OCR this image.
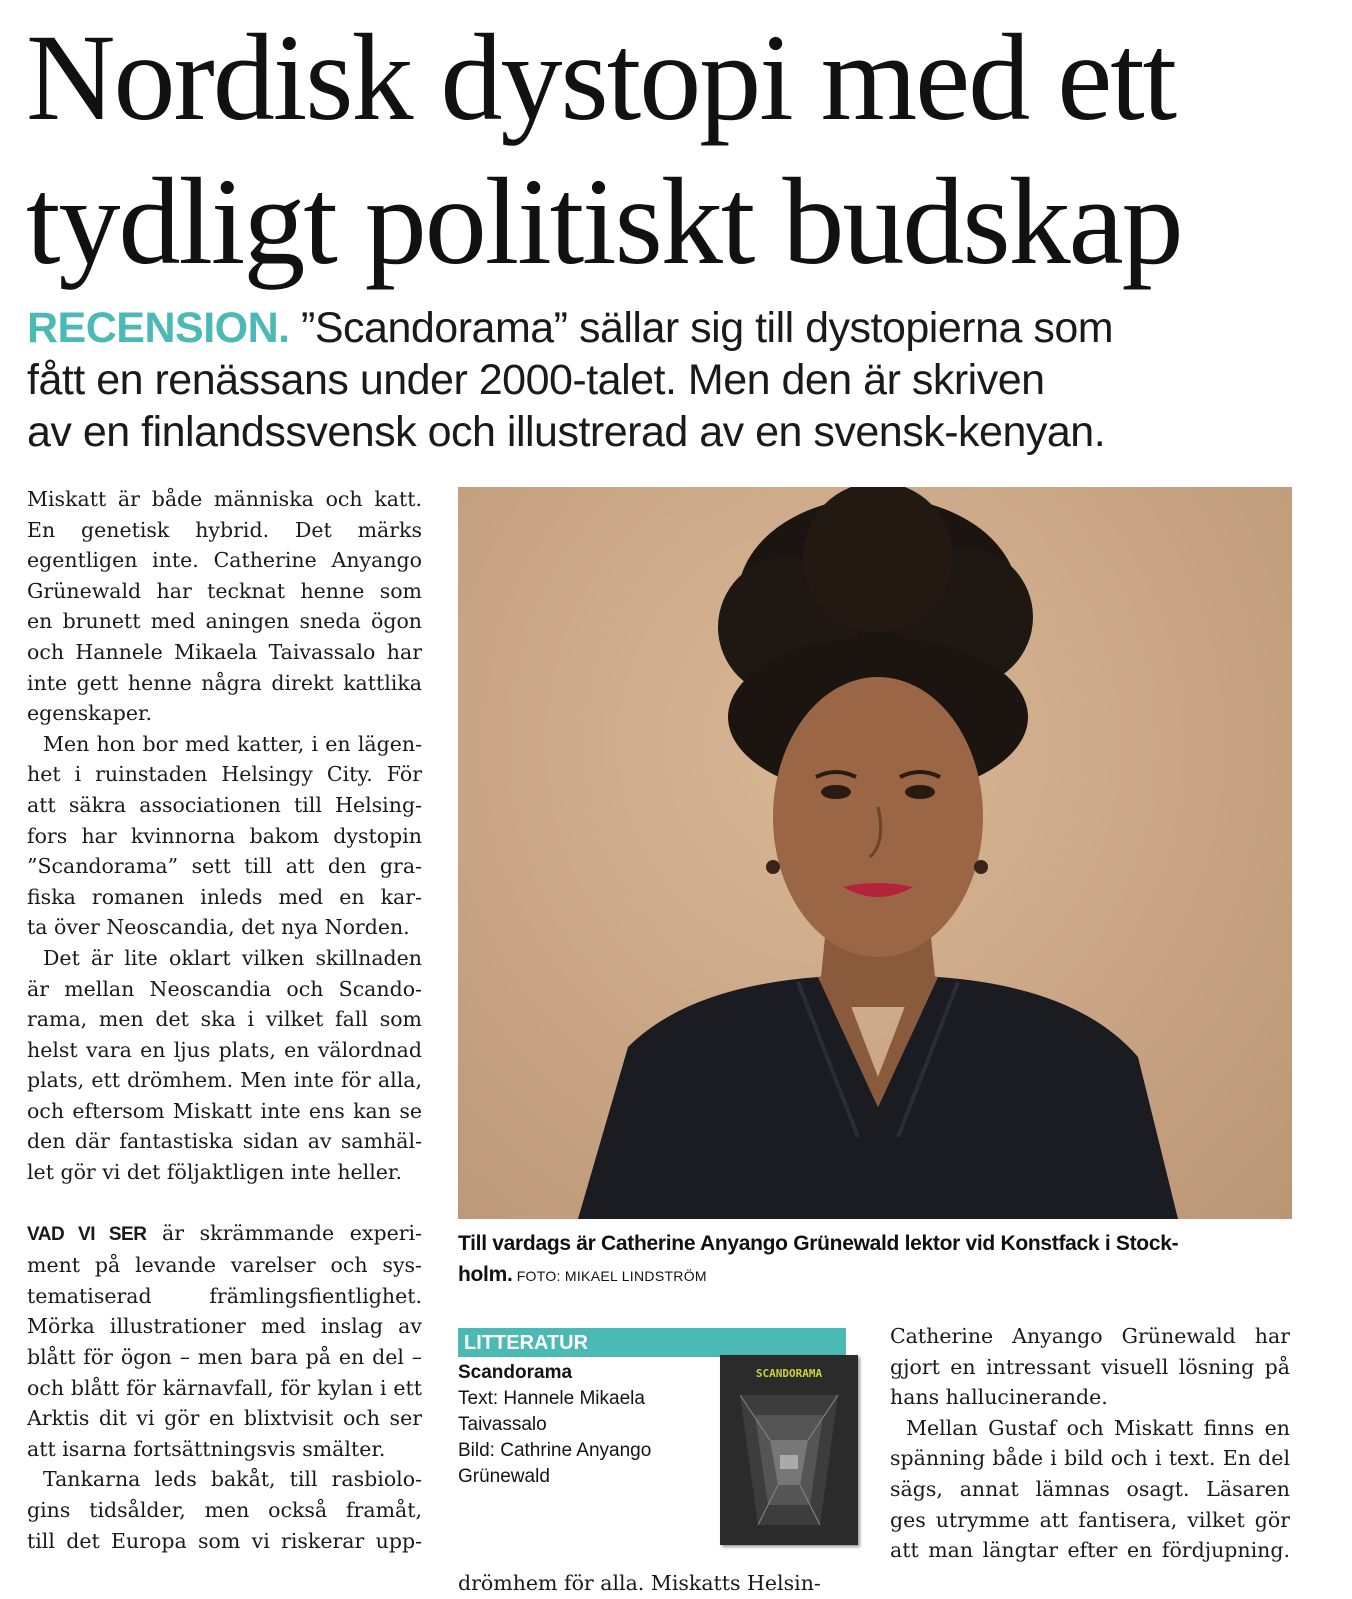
Nordisk dystopi med ett
tydligt politiskt budskap
RECENSION. ”Scandorama” sällar sig till dystopierna som
fått en renässans under 2000-talet. Men den är skriven
av en finlandssvensk och illustrerad av en svensk-kenyan.
Miskatt är både människa och katt.
En genetisk hybrid. Det märks
egentligen inte. Catherine Anyango
Grünewald har tecknat henne som
en brunett med aningen sneda ögon
och Hannele Mikaela Taivassalo har
inte gett henne några direkt kattlika
egenskaper.
Men hon bor med katter, i en lägen-
het i ruinstaden Helsingy City. För
att säkra associationen till Helsing-
fors har kvinnorna bakom dystopin
”Scandorama” sett till att den gra-
fiska romanen inleds med en kar-
ta över Neoscandia, det nya Norden.
Det är lite oklart vilken skillnaden
är mellan Neoscandia och Scando-
rama, men det ska i vilket fall som
helst vara en ljus plats, en välordnad
plats, ett drömhem. Men inte för alla,
och eftersom Miskatt inte ens kan se
den där fantastiska sidan av samhäl-
let gör vi det följaktligen inte heller.
VAD VI SER är skrämmande experi-
ment på levande varelser och sys-
tematiserad främlingsfientlighet.
Mörka illustrationer med inslag av
blått för ögon – men bara på en del –
och blått för kärnavfall, för kylan i ett
Arktis dit vi gör en blixtvisit och ser
att isarna fortsättningsvis smälter.
Tankarna leds bakåt, till rasbiolo-
gins tidsålder, men också framåt,
till det Europa som vi riskerar upp-
Till vardags är Catherine Anyango Grünewald lektor vid Konstfack i Stock-
holm. FOTO: MIKAEL LINDSTRÖM
LITTERATUR
Scandorama
Text: Hannele Mikaela
Taivassalo
Bild: Cathrine Anyango
Grünewald
SCANDORAMA
drömhem för alla. Miskatts Helsin-
Catherine Anyango Grünewald har
gjort en intressant visuell lösning på
hans hallucinerande.
Mellan Gustaf och Miskatt finns en
spänning både i bild och i text. En del
sägs, annat lämnas osagt. Läsaren
ges utrymme att fantisera, vilket gör
att man längtar efter en fördjupning.
